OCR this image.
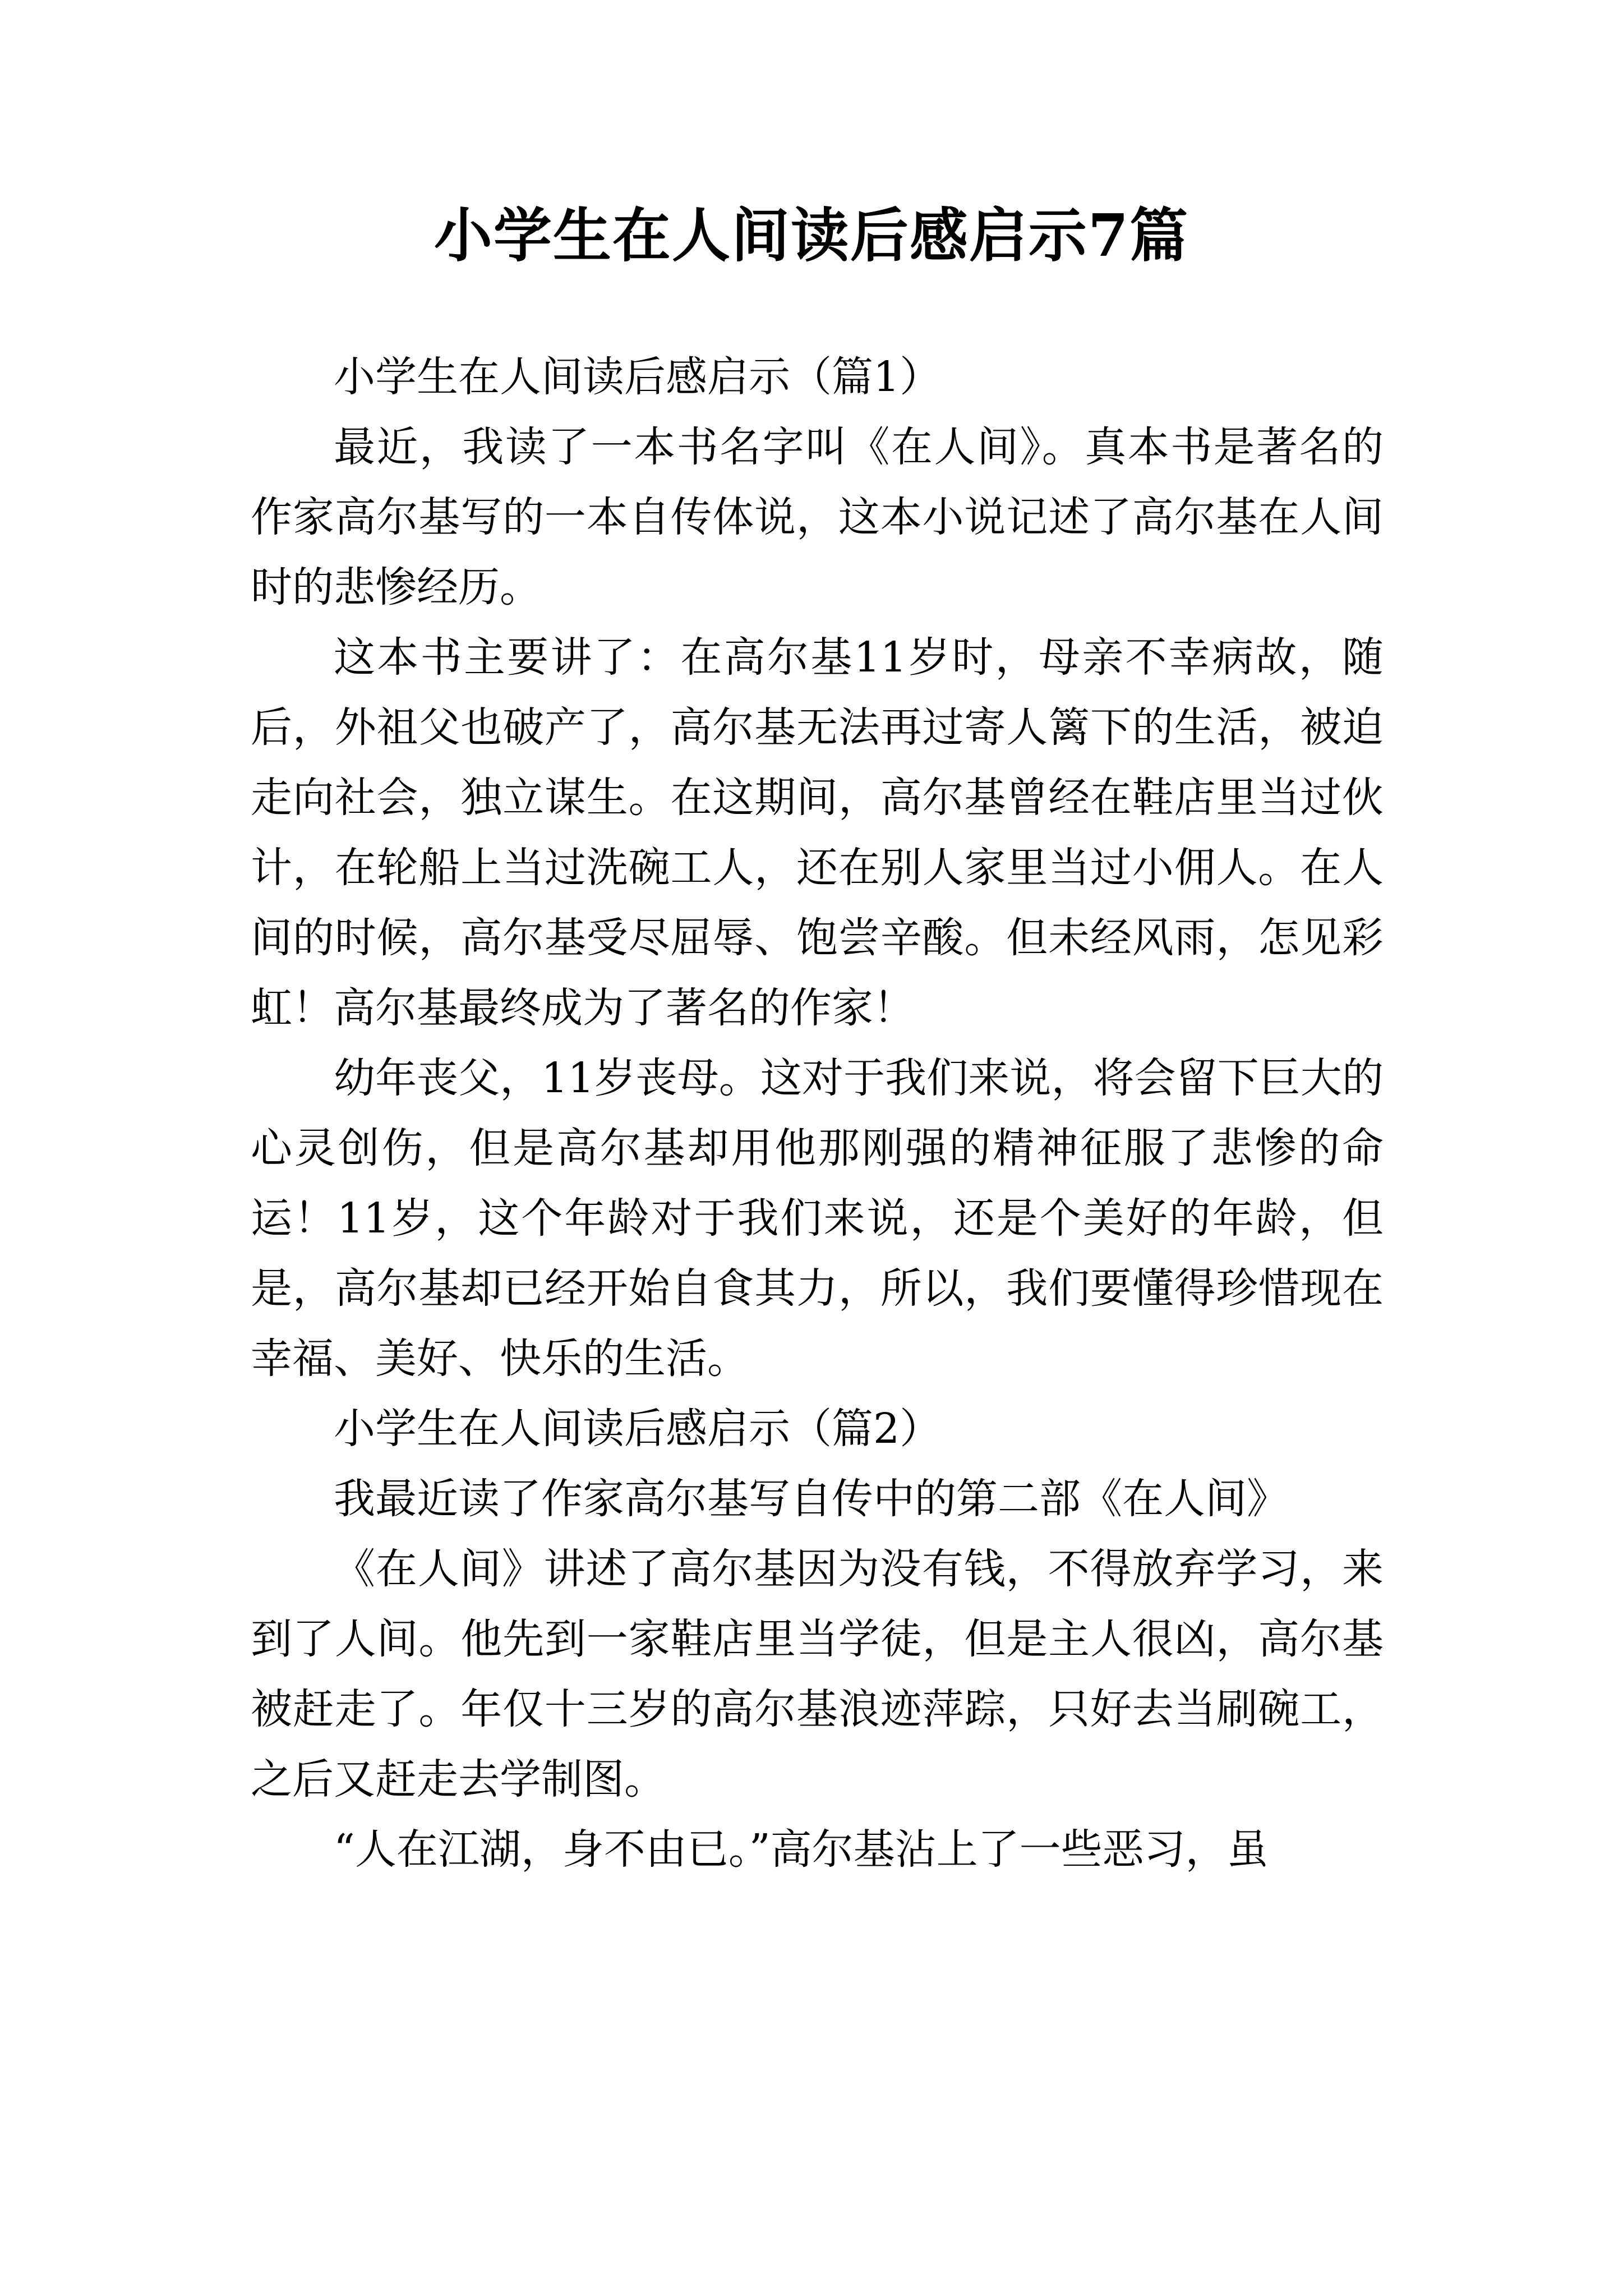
小学生在人间读后感启示7篇

小学生在人间读后感启示（篇1）

最近，我读了一本书名字叫《在人间》。真本书是著名的作家高尔基写的一本自传体说，这本小说记述了高尔基在人间时的悲惨经历。

这本书主要讲了：在高尔基11岁时，母亲不幸病故，随后，外祖父也破产了，高尔基无法再过寄人篱下的生活，被迫走向社会，独立谋生。在这期间，高尔基曾经在鞋店里当过伙计，在轮船上当过洗碗工人，还在别人家里当过小佣人。在人间的时候，高尔基受尽屈辱、饱尝辛酸。但未经风雨，怎见彩虹！高尔基最终成为了著名的作家！

幼年丧父，11岁丧母。这对于我们来说，将会留下巨大的心灵创伤，但是高尔基却用他那刚强的精神征服了悲惨的命运！11岁，这个年龄对于我们来说，还是个美好的年龄，但是，高尔基却已经开始自食其力，所以，我们要懂得珍惜现在幸福、美好、快乐的生活。

小学生在人间读后感启示（篇2）

我最近读了作家高尔基写自传中的第二部《在人间》

《在人间》讲述了高尔基因为没有钱，不得放弃学习，来到了人间。他先到一家鞋店里当学徒，但是主人很凶，高尔基被赶走了。年仅十三岁的高尔基浪迹萍踪，只好去当刷碗工，之后又赶走去学制图。

“人在江湖，身不由已。”高尔基沾上了一些恶习，虽
